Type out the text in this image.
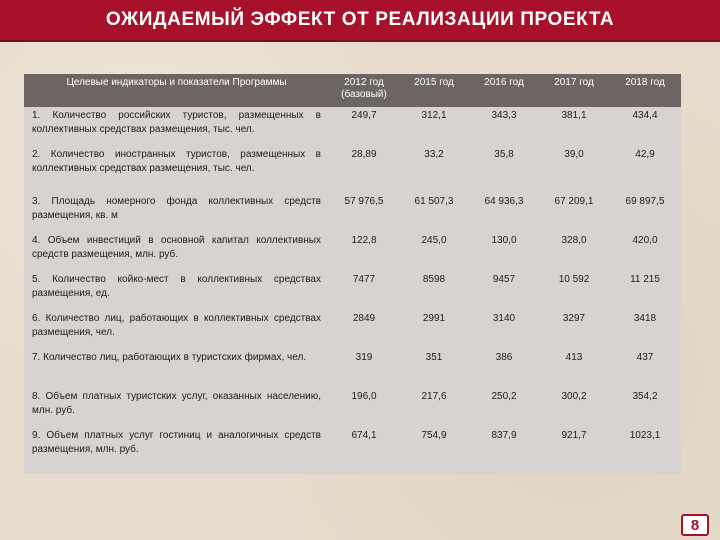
ОЖИДАЕМЫЙ ЭФФЕКТ ОТ РЕАЛИЗАЦИИ ПРОЕКТА
Целевые индикаторы и показатели Программы	2012 год (базовый)	2015 год	2016 год	2017 год	2018 год
1. Количество российских туристов, размещенных в коллективных средствах размещения, тыс. чел.	249,7	312,1	343,3	381,1	434,4
2. Количество иностранных туристов, размещенных в коллективных средствах размещения, тыс. чел.	28,89	33,2	35,8	39,0	42,9
3. Площадь номерного фонда коллективных средств размещения, кв. м	57 976,5	61 507,3	64 936,3	67 209,1	69 897,5
4. Объем инвестиций в основной капитал коллективных средств размещения, млн. руб.	122,8	245,0	130,0	328,0	420,0
5. Количество койко-мест в коллективных средствах размещения, ед.	7477	8598	9457	10 592	11 215
6. Количество лиц, работающих в коллективных средствах размещения, чел.	2849	2991	3140	3297	3418
7. Количество лиц, работающих в туристских фирмах, чел.	319	351	386	413	437
8. Объем платных туристских услуг, оказанных населению, млн. руб.	196,0	217,6	250,2	300,2	354,2
9. Объем платных услуг гостиниц и аналогичных средств размещения, млн. руб.	674,1	754,9	837,9	921,7	1023,1
8
